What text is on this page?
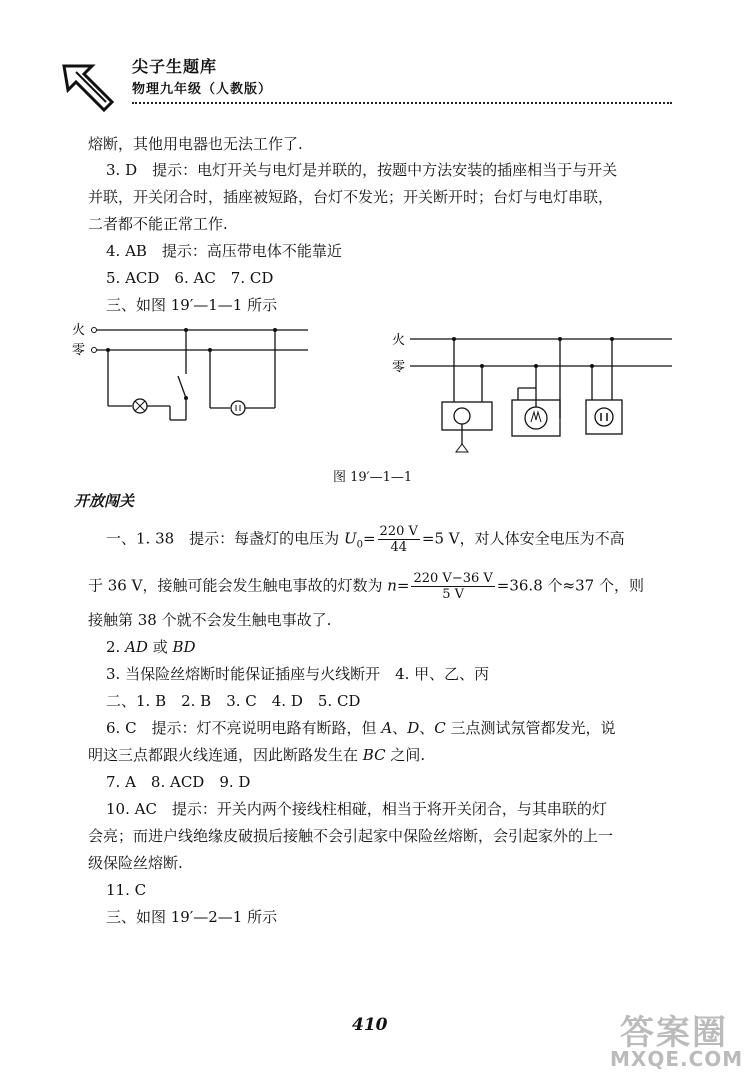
尖子生题库
物理九年级（人教版）
熔断，其他用电器也无法工作了.
3. D　提示：电灯开关与电灯是并联的，按题中方法安装的插座相当于与开关
并联，开关闭合时，插座被短路，台灯不发光；开关断开时；台灯与电灯串联，
二者都不能正常工作.
4. AB　提示：高压带电体不能靠近
5. ACD　6. AC　7. CD
三、如图 19′—1—1 所示
火
零
火
零
图 19′—1—1
开放闯关
一、1. 38　提示：每盏灯的电压为 $U_0= \frac{220 V}{44} =5$ V，对人体安全电压为不高
于 36 V，接触可能会发生触电事故的灯数为 $n= \frac{220 V-36 V}{5 V} =36.8$ 个≈37 个，则
接触第 38 个就不会发生触电事故了.
2. AD 或 BD
3. 当保险丝熔断时能保证插座与火线断开　4. 甲、乙、丙
二、1. B　2. B　3. C　4. D　5. CD
6. C　提示：灯不亮说明电路有断路，但 A、D、C 三点测试氖管都发光，说
明这三点都跟火线连通，因此断路发生在 BC 之间.
7. A　8. ACD　9. D
10. AC　提示：开关内两个接线柱相碰，相当于将开关闭合，与其串联的灯
会亮；而进户线绝缘皮破损后接触不会引起家中保险丝熔断，会引起家外的上一
级保险丝熔断.
11. C
三、如图 19′—2—1 所示
410	答案圈
MXQE.COM
